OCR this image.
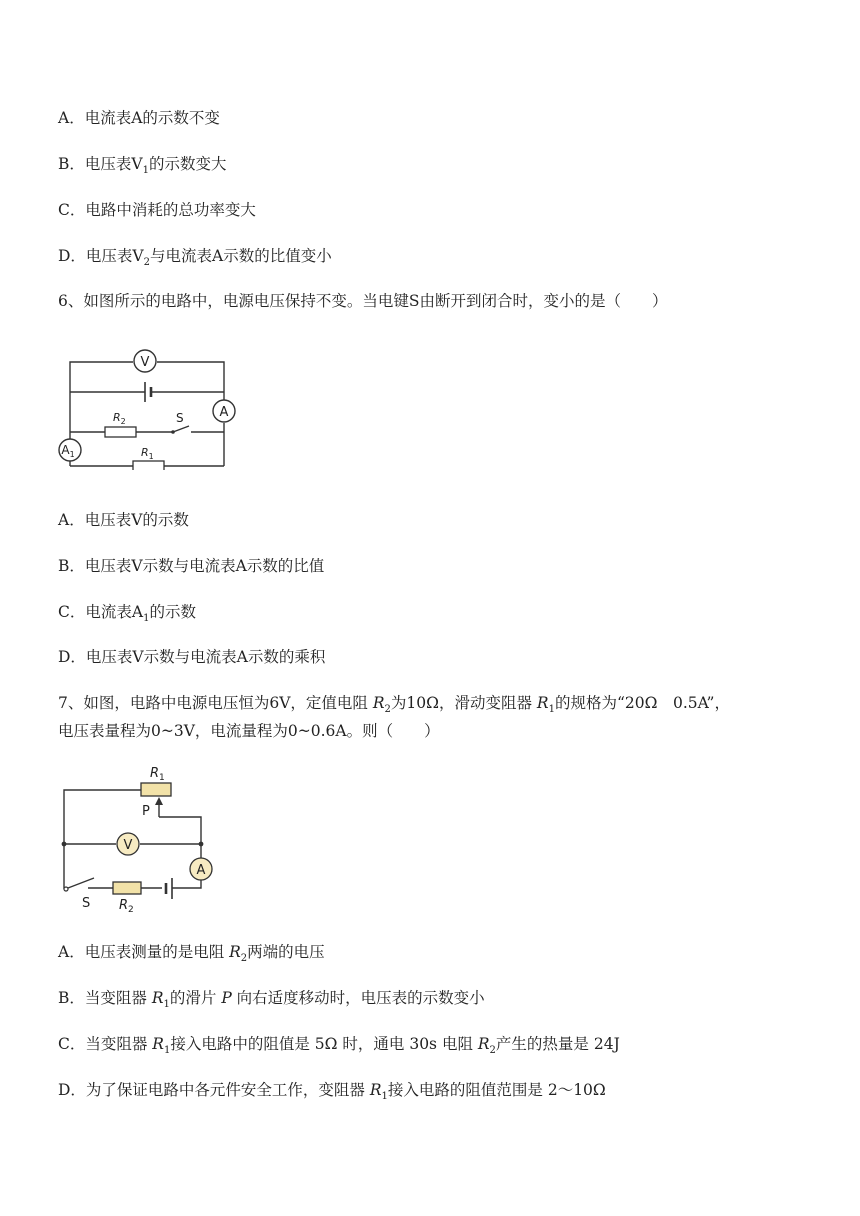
A．电流表A的示数不变
B．电压表$V_1$的示数变大
C．电路中消耗的总功率变大
D．电压表$V_2$与电流表A示数的比值变小
6、如图所示的电路中，电源电压保持不变。当电键S由断开到闭合时，变小的是（　　）
V
A
$A_1$
$R_2$	S
$R_1$
A．电压表V的示数
B．电压表V示数与电流表A示数的比值
C．电流表$A_1$的示数
D．电压表V示数与电流表A示数的乘积
7、如图，电路中电源电压恒为6V，定值电阻 $R_2$为10Ω，滑动变阻器 $R_1$的规格为“20Ω　0.5A”，
电压表量程为0~3V，电流量程为0~0.6A。则（　　）
$R_1$
P
V
A
S $R_2$
A．电压表测量的是电阻 $R_2$两端的电压
B．当变阻器 $R_1$的滑片 P 向右适度移动时，电压表的示数变小
C．当变阻器 $R_1$接入电路中的阻值是 5Ω 时，通电 30s 电阻 $R_2$产生的热量是 24J
D．为了保证电路中各元件安全工作，变阻器 $R_1$接入电路的阻值范围是 2～10Ω
